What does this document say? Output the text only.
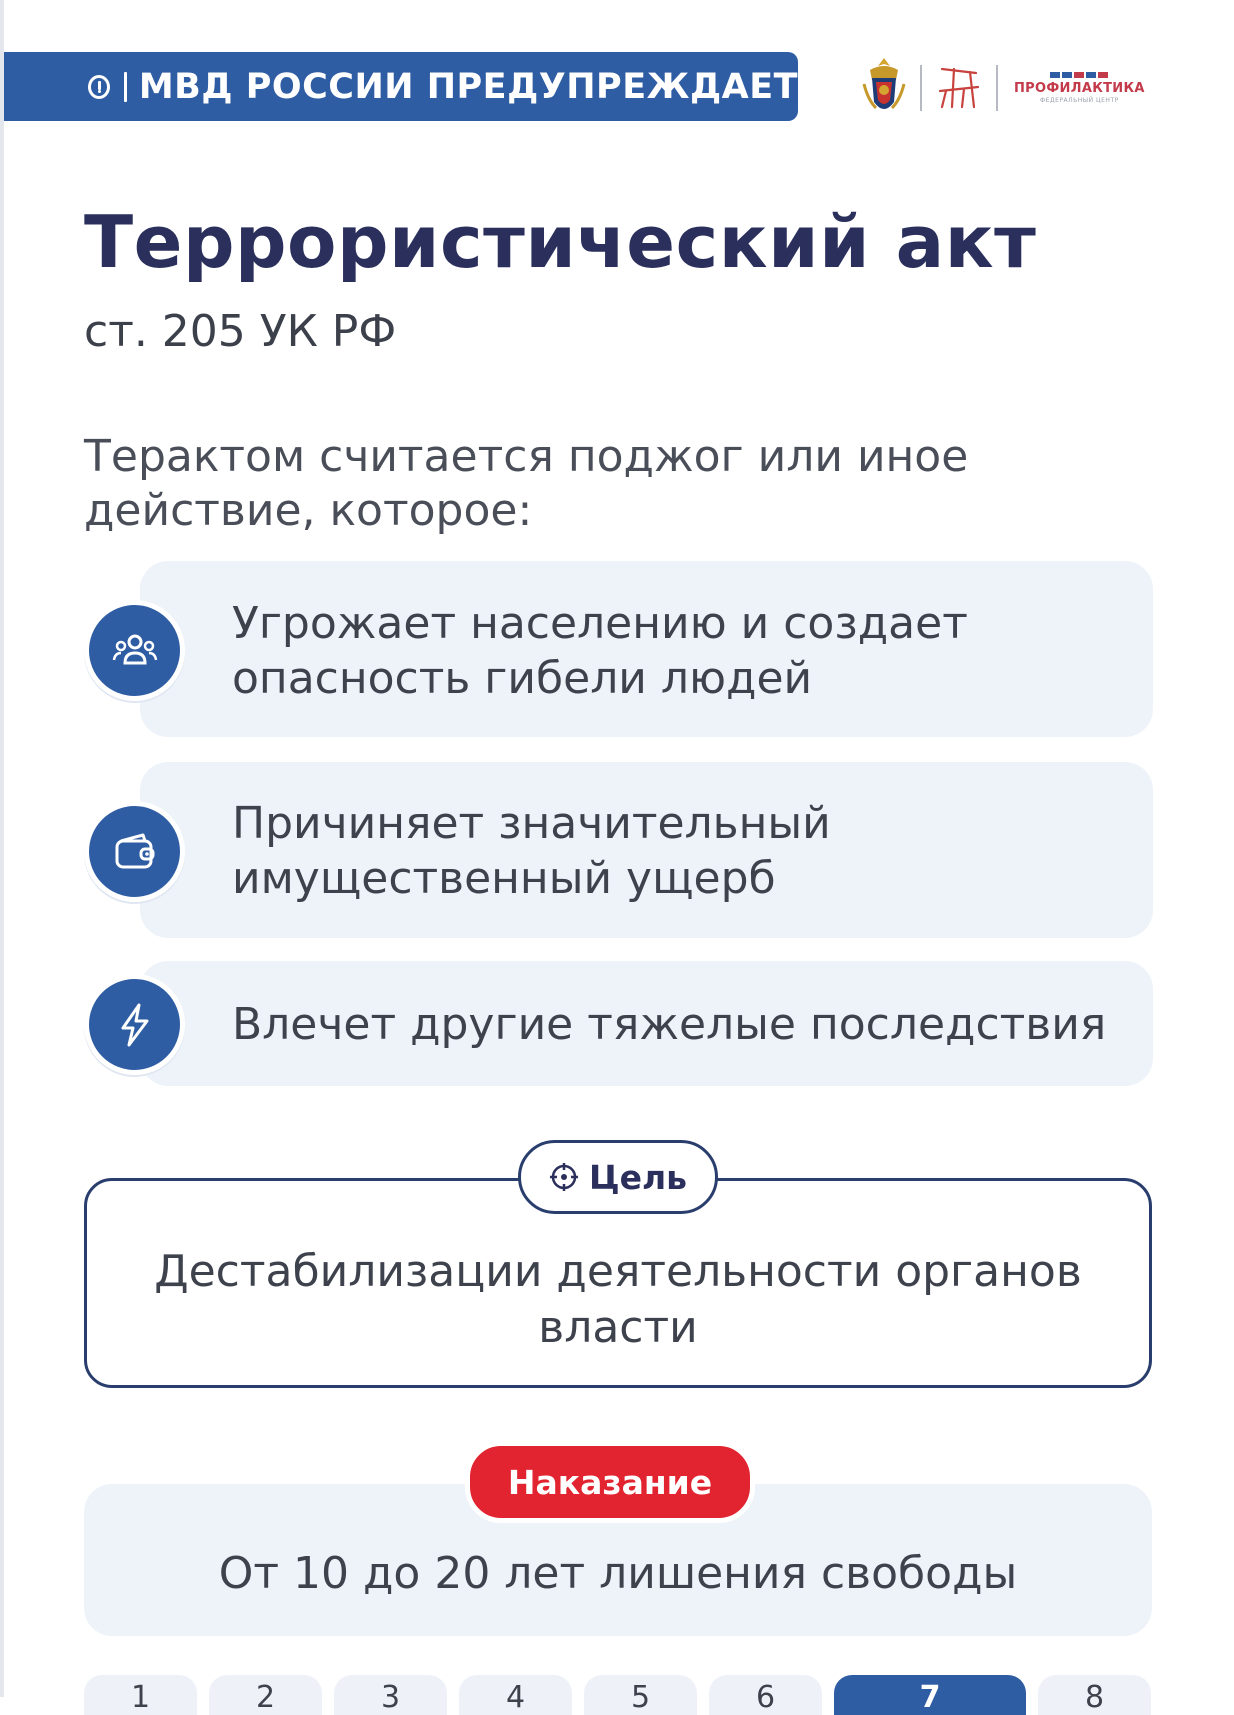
МВД РОССИИ ПРЕДУПРЕЖДАЕТ	ПРОФИЛАКТИКА
ФЕДЕРАЛЬНЫЙ ЦЕНТР
Террористический акт
ст. 205 УК РФ
Терактом считается поджог или иное действие, которое:
Угрожает населению и создает
опасность гибели людей
Причиняет значительный
имущественный ущерб
Влечет другие тяжелые последствия
Цель
Дестабилизации деятельности органов власти
Наказание
От 10 до 20 лет лишения свободы
1	2	3	4	5	6	7	8
